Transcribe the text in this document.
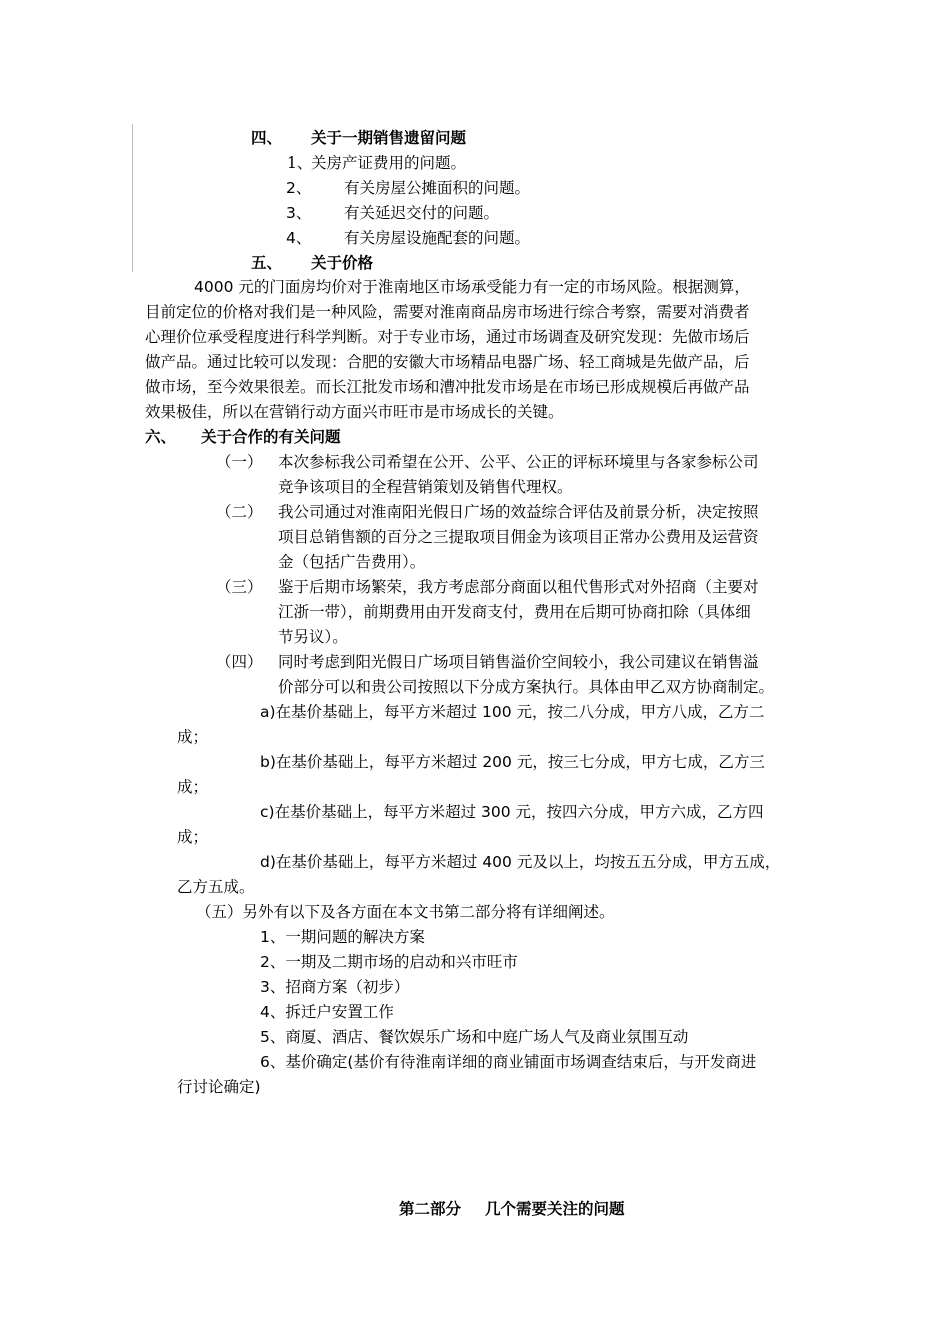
四、 关于一期销售遗留问题
1、
关房产证费用的问题。
2、 有关房屋公摊面积的问题。
3、 有关延迟交付的问题。
4、 有关房屋设施配套的问题。
五、 关于价格
4000 元的门面房均价对于淮南地区市场承受能力有一定的市场风险。根据测算，
目前定位的价格对我们是一种风险，需要对淮南商品房市场进行综合考察，需要对消费者
心理价位承受程度进行科学判断。对于专业市场，通过市场调查及研究发现：先做市场后
做产品。通过比较可以发现：合肥的安徽大市场精品电器广场、轻工商城是先做产品，后
做市场，至今效果很差。而长江批发市场和漕冲批发市场是在市场已形成规模后再做产品
效果极佳，所以在营销行动方面兴市旺市是市场成长的关键。
六、 关于合作的有关问题
（一） 本次参标我公司希望在公开、公平、公正的评标环境里与各家参标公司
竞争该项目的全程营销策划及销售代理权。
（二） 我公司通过对淮南阳光假日广场的效益综合评估及前景分析，决定按照
项目总销售额的百分之三提取项目佣金为该项目正常办公费用及运营资
金（包括广告费用）。
（三） 鉴于后期市场繁荣，我方考虑部分商面以租代售形式对外招商（主要对
江浙一带），前期费用由开发商支付，费用在后期可协商扣除（具体细
节另议）。
（四） 同时考虑到阳光假日广场项目销售溢价空间较小，我公司建议在销售溢
价部分可以和贵公司按照以下分成方案执行。具体由甲乙双方协商制定。
a)在基价基础上，每平方米超过 100 元，按二八分成，甲方八成，乙方二
成；
b)在基价基础上，每平方米超过 200 元，按三七分成，甲方七成，乙方三
成；
c)在基价基础上，每平方米超过 300 元，按四六分成，甲方六成，乙方四
成；
d)在基价基础上，每平方米超过 400 元及以上，均按五五分成，甲方五成，
乙方五成。
（五）另外有以下及各方面在本文书第二部分将有详细阐述。
1、一期问题的解决方案
2、一期及二期市场的启动和兴市旺市
3、招商方案（初步）
4、拆迁户安置工作
5、商厦、酒店、餐饮娱乐广场和中庭广场人气及商业氛围互动
6、基价确定(基价有待淮南详细的商业铺面市场调查结束后，与开发商进
行讨论确定)
第二部分 几个需要关注的问题
